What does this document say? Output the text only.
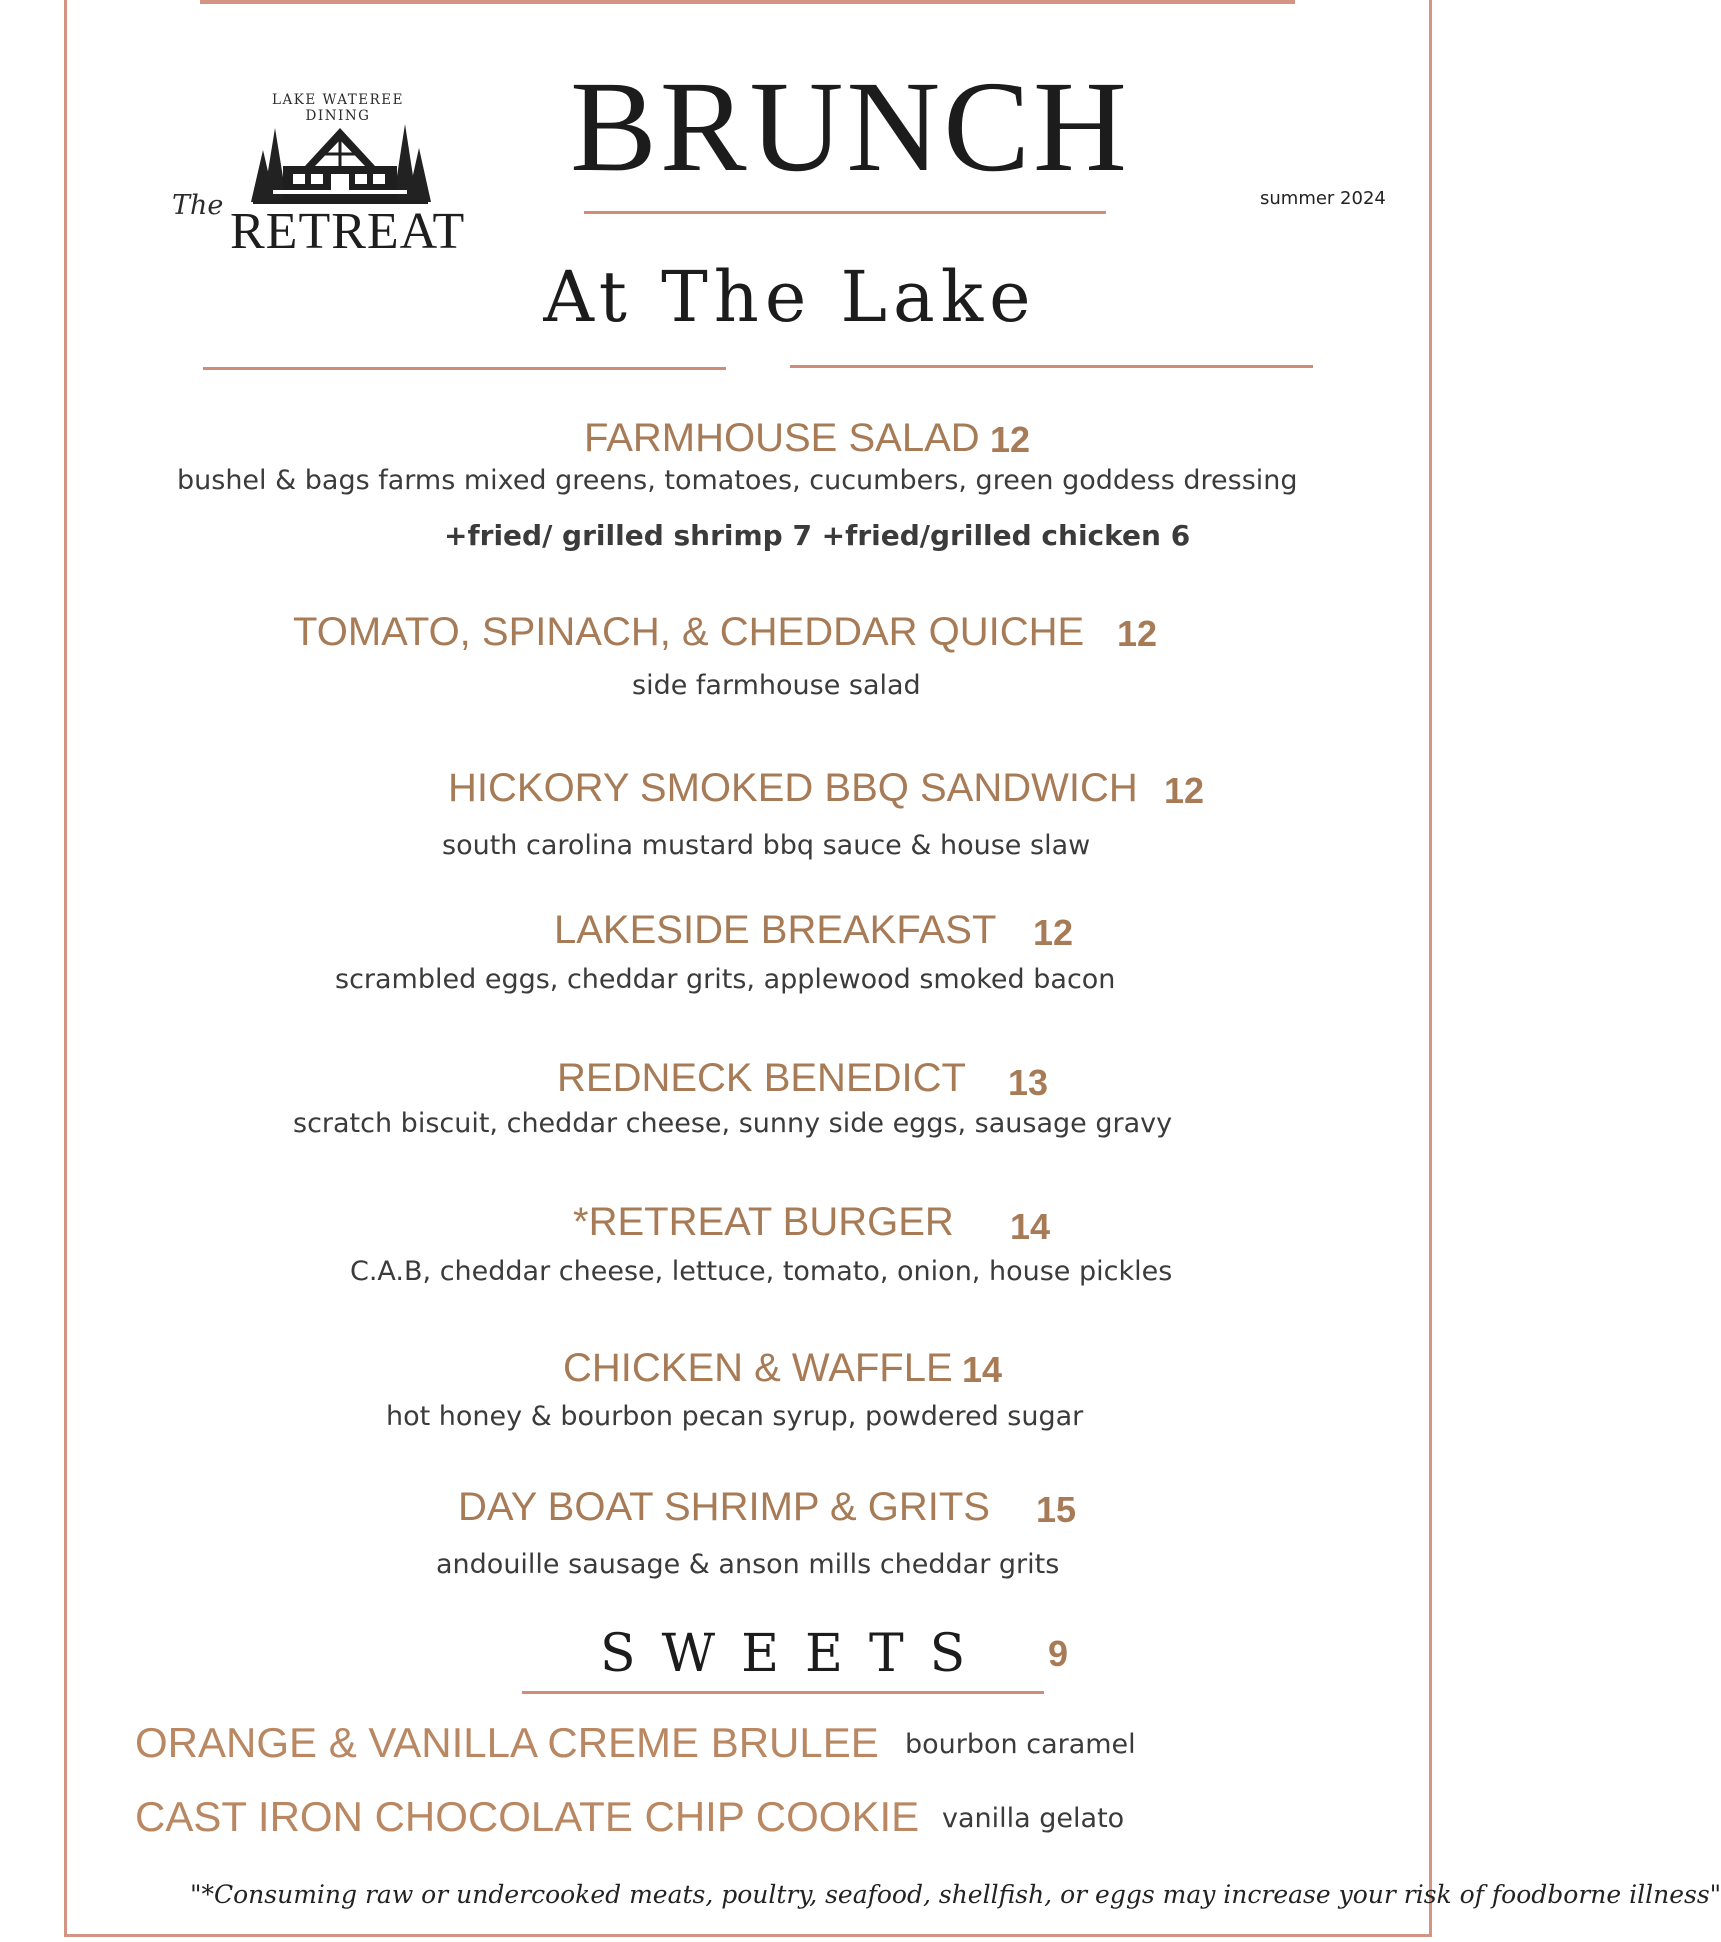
LAKE WATEREE DINING
The RETREAT
BRUNCH	summer 2024
At The Lake
FARMHOUSE SALAD 12
bushel & bags farms mixed greens, tomatoes, cucumbers, green goddess dressing
+fried/ grilled shrimp 7 +fried/grilled chicken 6
TOMATO, SPINACH, & CHEDDAR QUICHE 12
side farmhouse salad
HICKORY SMOKED BBQ SANDWICH 12
south carolina mustard bbq sauce & house slaw
LAKESIDE BREAKFAST 12
scrambled eggs, cheddar grits, applewood smoked bacon
REDNECK BENEDICT 13
scratch biscuit, cheddar cheese, sunny side eggs, sausage gravy
*RETREAT BURGER 14
C.A.B, cheddar cheese, lettuce, tomato, onion, house pickles
CHICKEN & WAFFLE 14
hot honey & bourbon pecan syrup, powdered sugar
DAY BOAT SHRIMP & GRITS 15
andouille sausage & anson mills cheddar grits
SWEETS 9
ORANGE & VANILLA CREME BRULEE bourbon caramel
CAST IRON CHOCOLATE CHIP COOKIE vanilla gelato
"*Consuming raw or undercooked meats, poultry, seafood, shellfish, or eggs may increase your risk of foodborne illness"
